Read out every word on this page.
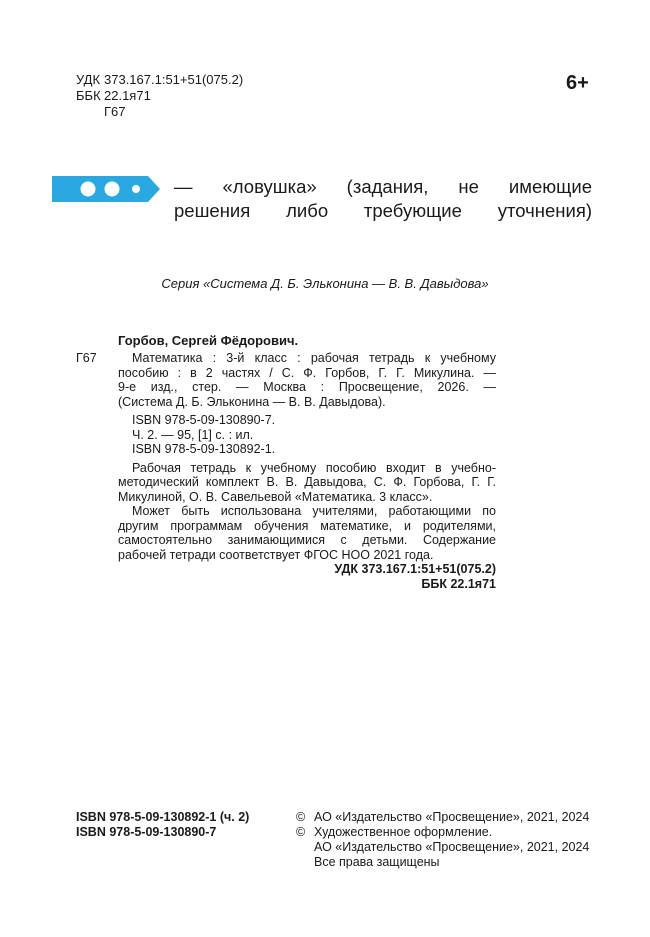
УДК 373.167.1:51+51(075.2)
ББК 22.1я71
Г67
6+
— «ловушка» (задания, не имеющие
решения либо требующие уточнения)
Серия «Система Д. Б. Эльконина — В. В. Давыдова»
Горбов, Сергей Фёдорович.
Г67	Математика : 3-й класс : рабочая тетрадь к учебному
пособию : в 2 частях / С. Ф. Горбов, Г. Г. Микулина. —
9-е изд., стер. — Москва : Просвещение, 2026. —
(Система Д. Б. Эльконина — В. В. Давыдова).
ISBN 978-5-09-130890-7.
Ч. 2. — 95, [1] с. : ил.
ISBN 978-5-09-130892-1.

Рабочая тетрадь к учебному пособию входит в учебно-методический комплект В. В. Давыдова, С. Ф. Горбова, Г. Г. Микулиной, О. В. Савельевой «Математика. 3 класс».

Может быть использована учителями, работающими по другим программам обучения математике, и родителями, самостоятельно занимающимися с детьми. Содержание рабочей тетради соответствует ФГОС НОО 2021 года.

УДК 373.167.1:51+51(075.2)
ББК 22.1я71
ISBN 978-5-09-130892-1 (ч. 2)
ISBN 978-5-09-130890-7
© АО «Издательство «Просвещение», 2021, 2024
© Художественное оформление.
АО «Издательство «Просвещение», 2021, 2024
Все права защищены
